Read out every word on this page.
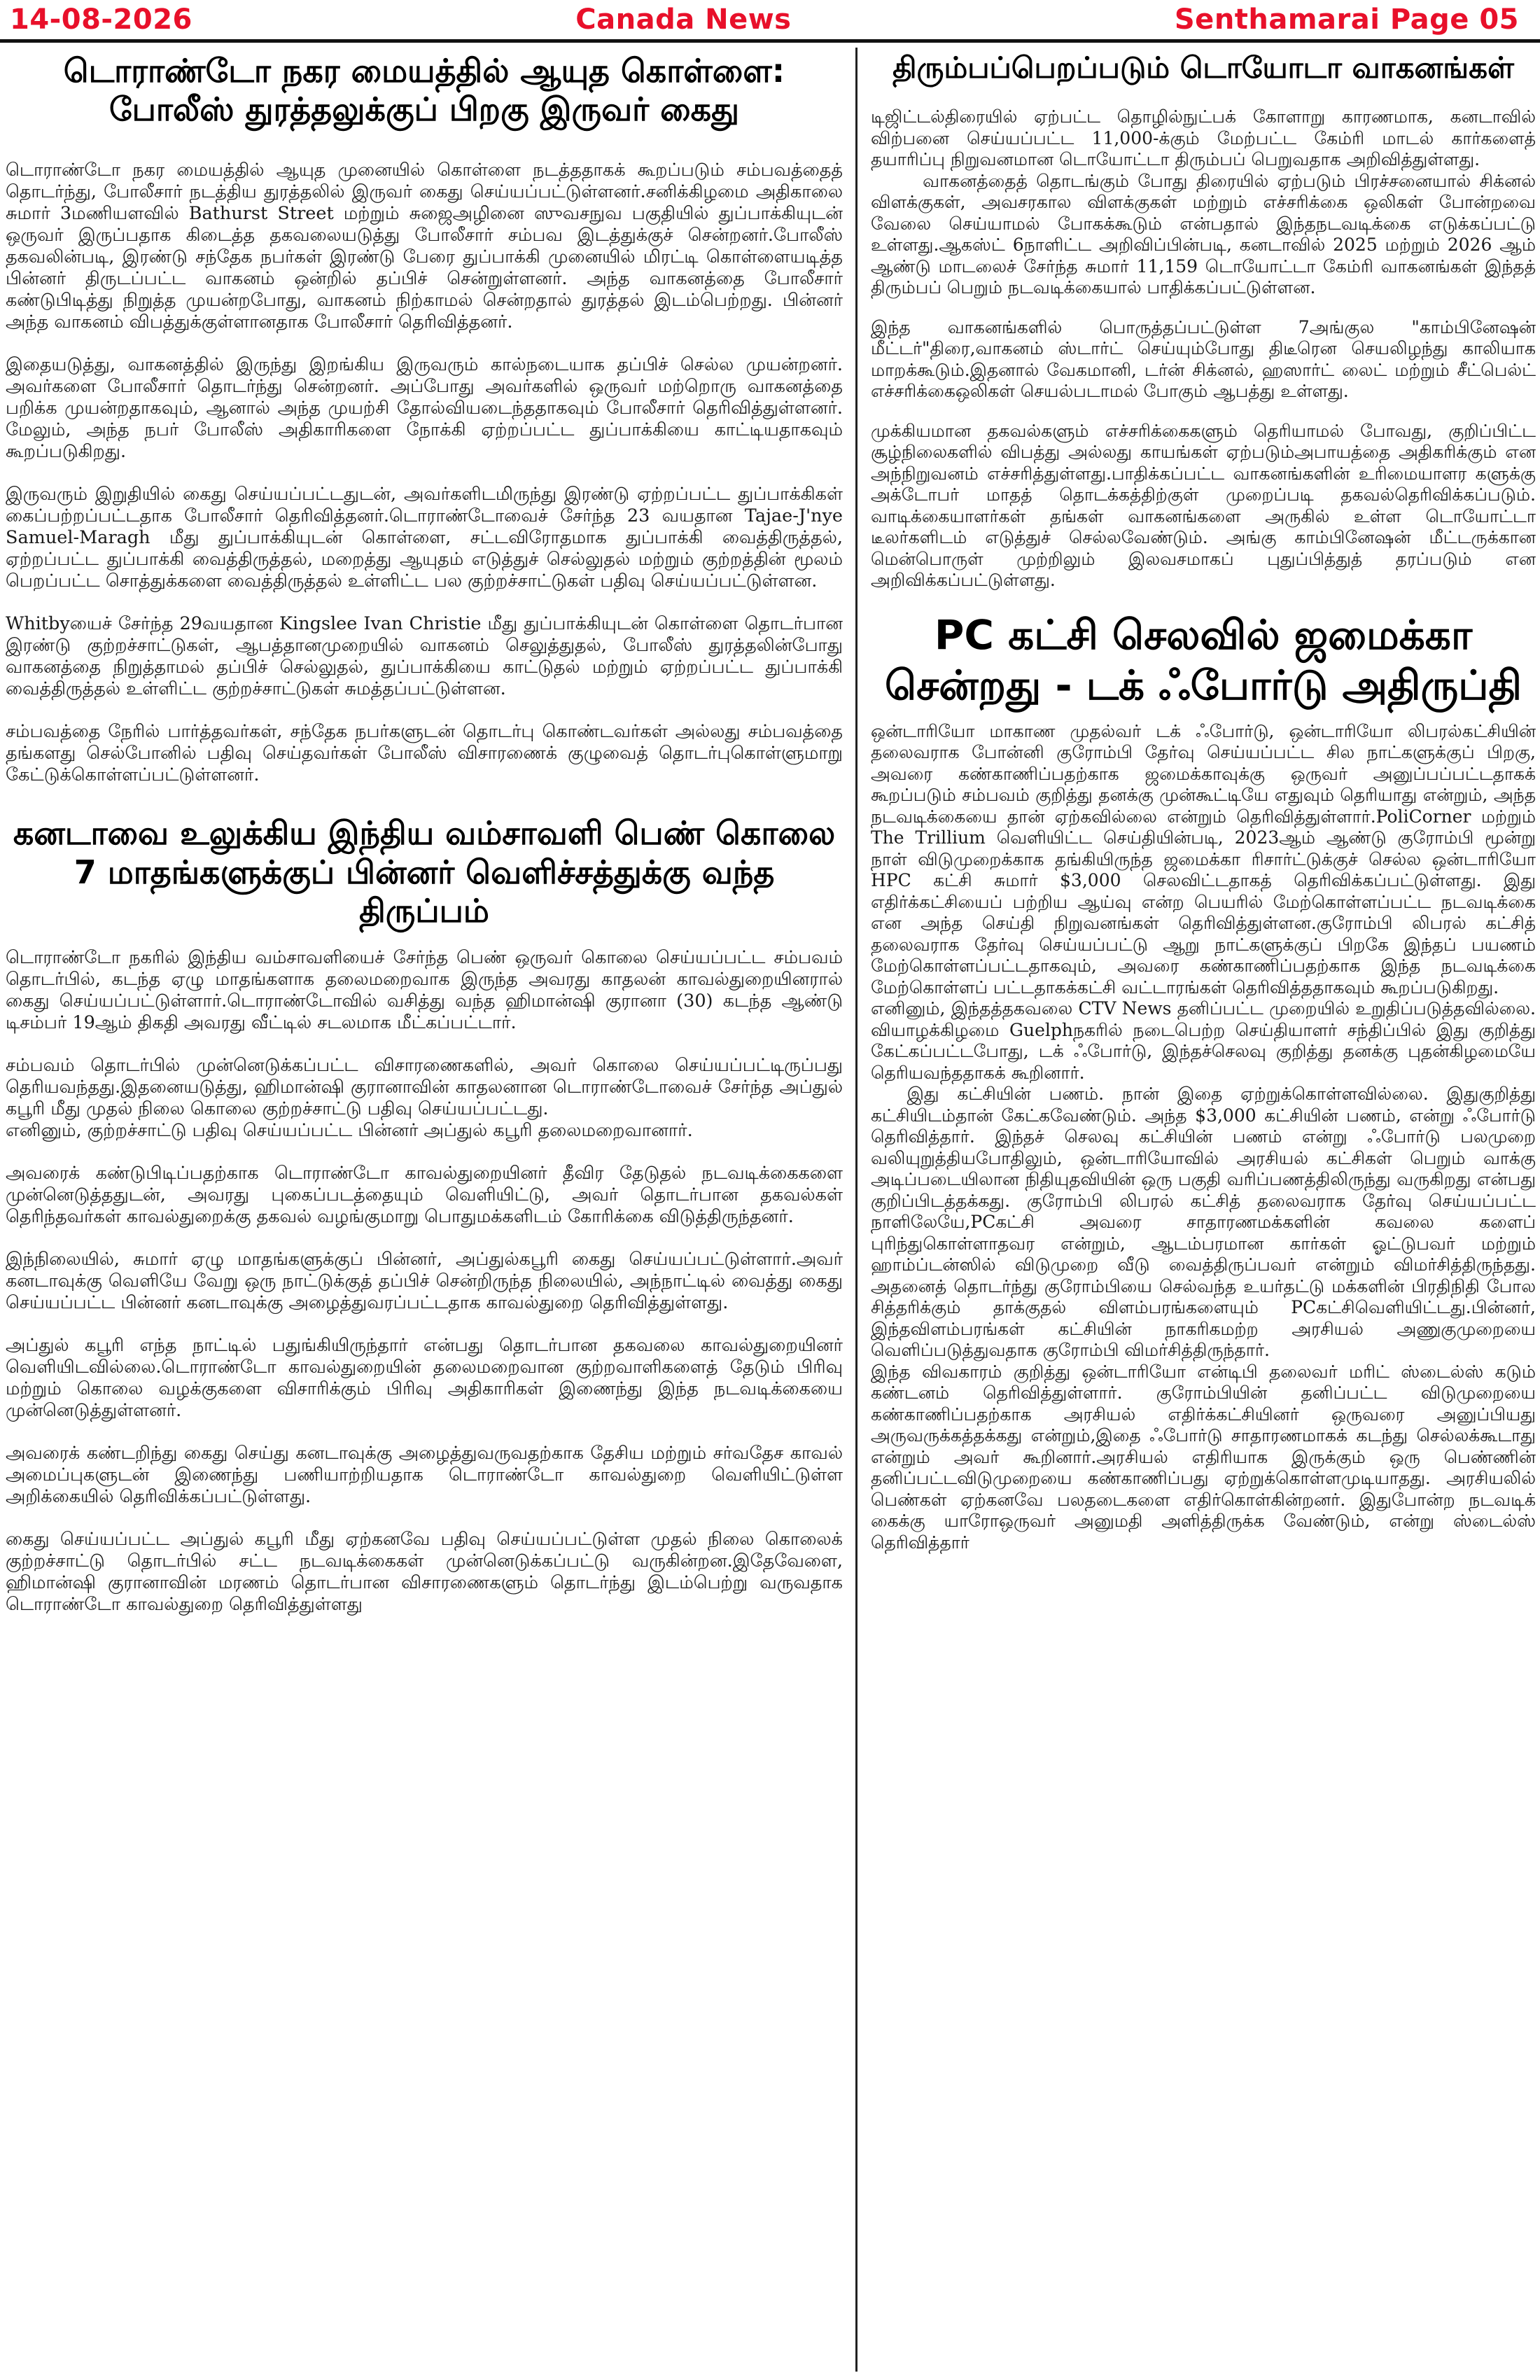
14-08-2026	Canada News	Senthamarai Page 05
டொராண்டோ நகர மையத்தில் ஆயுத கொள்ளை: போலீஸ் துரத்தலுக்குப் பிறகு இருவர் கைது

டொராண்டோ நகர மையத்தில் ஆயுத முனையில் கொள்ளை நடத்ததாகக் கூறப்படும் சம்பவத்தைத் தொடர்ந்து, போலீசார் நடத்திய துரத்தலில் இருவர் கைது செய்யப்பட்டுள்ளனர்.சனிக்கிழமை அதிகாலை சுமார் 3மணியளவில் Bathurst Street மற்றும் சுஜைஅழினை ஸுவசநுவ பகுதியில் துப்பாக்கியுடன் ஒருவர் இருப்பதாக கிடைத்த தகவலையடுத்து போலீசார் சம்பவ இடத்துக்குச் சென்றனர்.போலீஸ் தகவலின்படி, இரண்டு சந்தேக நபர்கள் இரண்டு பேரை துப்பாக்கி முனையில் மிரட்டி கொள்ளையடித்த பின்னர் திருடப்பட்ட வாகனம் ஒன்றில் தப்பிச் சென்றுள்ளனர். அந்த வாகனத்தை போலீசார் கண்டுபிடித்து நிறுத்த முயன்றபோது, வாகனம் நிற்காமல் சென்றதால் துரத்தல் இடம்பெற்றது. பின்னர் அந்த வாகனம் விபத்துக்குள்ளானதாக போலீசார் தெரிவித்தனர்.

இதையடுத்து, வாகனத்தில் இருந்து இறங்கிய இருவரும் கால்நடையாக தப்பிச் செல்ல முயன்றனர். அவர்களை போலீசார் தொடர்ந்து சென்றனர். அப்போது அவர்களில் ஒருவர் மற்றொரு வாகனத்தை பறிக்க முயன்றதாகவும், ஆனால் அந்த முயற்சி தோல்வியடைந்ததாகவும் போலீசார் தெரிவித்துள்ளனர். மேலும், அந்த நபர் போலீஸ் அதிகாரிகளை நோக்கி ஏற்றப்பட்ட துப்பாக்கியை காட்டியதாகவும் கூறப்படுகிறது.

இருவரும் இறுதியில் கைது செய்யப்பட்டதுடன், அவர்களிடமிருந்து இரண்டு ஏற்றப்பட்ட துப்பாக்கிகள் கைப்பற்றப்பட்டதாக போலீசார் தெரிவித்தனர்.டொராண்டோவைச் சேர்ந்த 23 வயதான Tajae-J'nye Samuel-Maragh மீது துப்பாக்கியுடன் கொள்ளை, சட்டவிரோதமாக துப்பாக்கி வைத்திருத்தல், ஏற்றப்பட்ட துப்பாக்கி வைத்திருத்தல், மறைத்து ஆயுதம் எடுத்துச் செல்லுதல் மற்றும் குற்றத்தின் மூலம் பெறப்பட்ட சொத்துக்களை வைத்திருத்தல் உள்ளிட்ட பல குற்றச்சாட்டுகள் பதிவு செய்யப்பட்டுள்ளன.

Whitbyயைச் சேர்ந்த 29வயதான Kingslee Ivan Christie மீது துப்பாக்கியுடன் கொள்ளை தொடர்பான இரண்டு குற்றச்சாட்டுகள், ஆபத்தானமுறையில் வாகனம் செலுத்துதல், போலீஸ் துரத்தலின்போது வாகனத்தை நிறுத்தாமல் தப்பிச் செல்லுதல், துப்பாக்கியை காட்டுதல் மற்றும் ஏற்றப்பட்ட துப்பாக்கி வைத்திருத்தல் உள்ளிட்ட குற்றச்சாட்டுகள் சுமத்தப்பட்டுள்ளன.

சம்பவத்தை நேரில் பார்த்தவர்கள், சந்தேக நபர்களுடன் தொடர்பு கொண்டவர்கள் அல்லது சம்பவத்தை தங்களது செல்போனில் பதிவு செய்தவர்கள் போலீஸ் விசாரணைக் குழுவைத் தொடர்புகொள்ளுமாறு கேட்டுக்கொள்ளப்பட்டுள்ளனர்.

கனடாவை உலுக்கிய இந்திய வம்சாவளி பெண் கொலை 7 மாதங்களுக்குப் பின்னர் வெளிச்சத்துக்கு வந்த திருப்பம்

டொராண்டோ நகரில் இந்திய வம்சாவளியைச் சேர்ந்த பெண் ஒருவர் கொலை செய்யப்பட்ட சம்பவம் தொடர்பில், கடந்த ஏழு மாதங்களாக தலைமறைவாக இருந்த அவரது காதலன் காவல்துறையினரால் கைது செய்யப்பட்டுள்ளார்.டொராண்டோவில் வசித்து வந்த ஹிமான்ஷி குரானா (30) கடந்த ஆண்டு டிசம்பர் 19ஆம் திகதி அவரது வீட்டில் சடலமாக மீட்கப்பட்டார்.

சம்பவம் தொடர்பில் முன்னெடுக்கப்பட்ட விசாரணைகளில், அவர் கொலை செய்யப்பட்டிருப்பது தெரியவந்தது.இதனையடுத்து, ஹிமான்ஷி குரானாவின் காதலனான டொராண்டோவைச் சேர்ந்த அப்துல் கபூரி மீது முதல் நிலை கொலை குற்றச்சாட்டு பதிவு செய்யப்பட்டது.
எனினும், குற்றச்சாட்டு பதிவு செய்யப்பட்ட பின்னர் அப்துல் கபூரி தலைமறைவானார்.

அவரைக் கண்டுபிடிப்பதற்காக டொராண்டோ காவல்துறையினர் தீவிர தேடுதல் நடவடிக்கைகளை முன்னெடுத்ததுடன், அவரது புகைப்படத்தையும் வெளியிட்டு, அவர் தொடர்பான தகவல்கள் தெரிந்தவர்கள் காவல்துறைக்கு தகவல் வழங்குமாறு பொதுமக்களிடம் கோரிக்கை விடுத்திருந்தனர்.

இந்நிலையில், சுமார் ஏழு மாதங்களுக்குப் பின்னர், அப்துல்கபூரி கைது செய்யப்பட்டுள்ளார்.அவர் கனடாவுக்கு வெளியே வேறு ஒரு நாட்டுக்குத் தப்பிச் சென்றிருந்த நிலையில், அந்நாட்டில் வைத்து கைது செய்யப்பட்ட பின்னர் கனடாவுக்கு அழைத்துவரப்பட்டதாக காவல்துறை தெரிவித்துள்ளது.

அப்துல் கபூரி எந்த நாட்டில் பதுங்கியிருந்தார் என்பது தொடர்பான தகவலை காவல்துறையினர் வெளியிடவில்லை.டொராண்டோ காவல்துறையின் தலைமறைவான குற்றவாளிகளைத் தேடும் பிரிவு மற்றும் கொலை வழக்குகளை விசாரிக்கும் பிரிவு அதிகாரிகள் இணைந்து இந்த நடவடிக்கையை முன்னெடுத்துள்ளனர்.

அவரைக் கண்டறிந்து கைது செய்து கனடாவுக்கு அழைத்துவருவதற்காக தேசிய மற்றும் சர்வதேச காவல் அமைப்புகளுடன் இணைந்து பணியாற்றியதாக டொராண்டோ காவல்துறை வெளியிட்டுள்ள அறிக்கையில் தெரிவிக்கப்பட்டுள்ளது.

கைது செய்யப்பட்ட அப்துல் கபூரி மீது ஏற்கனவே பதிவு செய்யப்பட்டுள்ள முதல் நிலை கொலைக் குற்றச்சாட்டு தொடர்பில் சட்ட நடவடிக்கைகள் முன்னெடுக்கப்பட்டு வருகின்றன.இதேவேளை, ஹிமான்ஷி குரானாவின் மரணம் தொடர்பான விசாரணைகளும் தொடர்ந்து இடம்பெற்று வருவதாக டொராண்டோ காவல்துறை தெரிவித்துள்ளது

திரும்பப்பெறப்படும் டொயோடா வாகனங்கள்

டிஜிட்டல்திரையில் ஏற்பட்ட தொழில்நுட்பக் கோளாறு காரணமாக, கனடாவில் விற்பனை செய்யப்பட்ட 11,000-க்கும் மேற்பட்ட கேம்ரி மாடல் கார்களைத் தயாரிப்பு நிறுவனமான டொயோட்டா திரும்பப் பெறுவதாக அறிவித்துள்ளது.

வாகனத்தைத் தொடங்கும் போது திரையில் ஏற்படும் பிரச்சனையால் சிக்னல் விளக்குகள், அவசரகால விளக்குகள் மற்றும் எச்சரிக்கை ஒலிகள் போன்றவை வேலை செய்யாமல் போகக்கூடும் என்பதால் இந்தநடவடிக்கை எடுக்கப்பட்டு உள்ளது.ஆகஸ்ட் 6நாளிட்ட அறிவிப்பின்படி, கனடாவில் 2025 மற்றும் 2026 ஆம் ஆண்டு மாடலைச் சேர்ந்த சுமார் 11,159 டொயோட்டா கேம்ரி வாகனங்கள் இந்தத் திரும்பப் பெறும் நடவடிக்கையால் பாதிக்கப்பட்டுள்ளன.

இந்த வாகனங்களில் பொருத்தப்பட்டுள்ள 7அங்குல "காம்பினேஷன் மீட்டர்"திரை,வாகனம் ஸ்டார்ட் செய்யும்போது திடீரென செயலிழந்து காலியாக மாறக்கூடும்.இதனால் வேகமானி, டர்ன் சிக்னல், ஹஸார்ட் லைட் மற்றும் சீட்பெல்ட் எச்சரிக்கைஒலிகள் செயல்படாமல் போகும் ஆபத்து உள்ளது.

முக்கியமான தகவல்களும் எச்சரிக்கைகளும் தெரியாமல் போவது, குறிப்பிட்ட சூழ்நிலைகளில் விபத்து அல்லது காயங்கள் ஏற்படும்அபாயத்தை அதிகரிக்கும் என அந்நிறுவனம் எச்சரித்துள்ளது.பாதிக்கப்பட்ட வாகனங்களின் உரிமையாளர களுக்கு அக்டோபர் மாதத் தொடக்கத்திற்குள் முறைப்படி தகவல்தெரிவிக்கப்படும். வாடிக்கையாளர்கள் தங்கள் வாகனங்களை அருகில் உள்ள டொயோட்டா டீலர்களிடம் எடுத்துச் செல்லவேண்டும். அங்கு காம்பினேஷன் மீட்டருக்கான மென்பொருள் முற்றிலும் இலவசமாகப் புதுப்பித்துத் தரப்படும் என அறிவிக்கப்பட்டுள்ளது.

PC கட்சி செலவில் ஜமைக்கா சென்றது - டக் ஃபோர்டு அதிருப்தி

ஒன்டாரியோ மாகாண முதல்வர் டக் ஃபோர்டு, ஒன்டாரியோ லிபரல்கட்சியின் தலைவராக போன்னி குரோம்பி தேர்வு செய்யப்பட்ட சில நாட்களுக்குப் பிறகு, அவரை கண்காணிப்பதற்காக ஜமைக்காவுக்கு ஒருவர் அனுப்பப்பட்டதாகக் கூறப்படும் சம்பவம் குறித்து தனக்கு முன்கூட்டியே எதுவும் தெரியாது என்றும், அந்த நடவடிக்கையை தான் ஏற்கவில்லை என்றும் தெரிவித்துள்ளார்.PoliCorner மற்றும் The Trillium வெளியிட்ட செய்தியின்படி, 2023ஆம் ஆண்டு குரோம்பி மூன்று நாள் விடுமுறைக்காக தங்கியிருந்த ஜமைக்கா ரிசார்ட்டுக்குச் செல்ல ஒன்டாரியோ HPC கட்சி சுமார் $3,000 செலவிட்டதாகத் தெரிவிக்கப்பட்டுள்ளது. இது எதிர்க்கட்சியைப் பற்றிய ஆய்வு என்ற பெயரில் மேற்கொள்ளப்பட்ட நடவடிக்கை என அந்த செய்தி நிறுவனங்கள் தெரிவித்துள்ளன.குரோம்பி லிபரல் கட்சித் தலைவராக தேர்வு செய்யப்பட்டு ஆறு நாட்களுக்குப் பிறகே இந்தப் பயணம் மேற்கொள்ளப்பட்டதாகவும், அவரை கண்காணிப்பதற்காக இந்த நடவடிக்கை மேற்கொள்ளப் பட்டதாகக்கட்சி வட்டாரங்கள் தெரிவித்ததாகவும் கூறப்படுகிறது.
எனினும், இந்தத்தகவலை CTV News தனிப்பட்ட முறையில் உறுதிப்படுத்தவில்லை. வியாழக்கிழமை Guelphநகரில் நடைபெற்ற செய்தியாளர் சந்திப்பில் இது குறித்து கேட்கப்பட்டபோது, டக் ஃபோர்டு, இந்தச்செலவு குறித்து தனக்கு புதன்கிழமையே தெரியவந்ததாகக் கூறினார்.
இது கட்சியின் பணம். நான் இதை ஏற்றுக்கொள்ளவில்லை. இதுகுறித்து கட்சியிடம்தான் கேட்கவேண்டும். அந்த $3,000 கட்சியின் பணம், என்று ஃபோர்டு தெரிவித்தார். இந்தச் செலவு கட்சியின் பணம் என்று ஃபோர்டு பலமுறை வலியுறுத்தியபோதிலும், ஒன்டாரியோவில் அரசியல் கட்சிகள் பெறும் வாக்கு அடிப்படையிலான நிதியுதவியின் ஒரு பகுதி வரிப்பணத்திலிருந்து வருகிறது என்பது குறிப்பிடத்தக்கது. குரோம்பி லிபரல் கட்சித் தலைவராக தேர்வு செய்யப்பட்ட நாளிலேயே,PCகட்சி அவரை சாதாரணமக்களின் கவலை களைப் புரிந்துகொள்ளாதவர என்றும், ஆடம்பரமான கார்கள் ஓட்டுபவர் மற்றும் ஹாம்ப்டன்ஸில் விடுமுறை வீடு வைத்திருப்பவர் என்றும் விமர்சித்திருந்தது. அதனைத் தொடர்ந்து குரோம்பியை செல்வந்த உயர்தட்டு மக்களின் பிரதிநிதி போல சித்தரிக்கும் தாக்குதல் விளம்பரங்களையும் PCகட்சிவெளியிட்டது.பின்னர், இந்தவிளம்பரங்கள் கட்சியின் நாகரிகமற்ற அரசியல் அணுகுமுறையை வெளிப்படுத்துவதாக குரோம்பி விமர்சித்திருந்தார்.
இந்த விவகாரம் குறித்து ஒன்டாரியோ என்டிபி தலைவர் மரிட் ஸ்டைல்ஸ் கடும் கண்டனம் தெரிவித்துள்ளார். குரோம்பியின் தனிப்பட்ட விடுமுறையை கண்காணிப்பதற்காக அரசியல் எதிர்க்கட்சியினர் ஒருவரை அனுப்பியது அருவருக்கத்தக்கது என்றும்,இதை ஃபோர்டு சாதாரணமாகக் கடந்து செல்லக்கூடாது என்றும் அவர் கூறினார்.அரசியல் எதிரியாக இருக்கும் ஒரு பெண்ணின் தனிப்பட்டவிடுமுறையை கண்காணிப்பது ஏற்றுக்கொள்ளமுடியாதது. அரசியலில் பெண்கள் ஏற்கனவே பலதடைகளை எதிர்கொள்கின்றனர். இதுபோன்ற நடவடிக் கைக்கு யாரோஒருவர் அனுமதி அளித்திருக்க வேண்டும், என்று ஸ்டைல்ஸ் தெரிவித்தார்
